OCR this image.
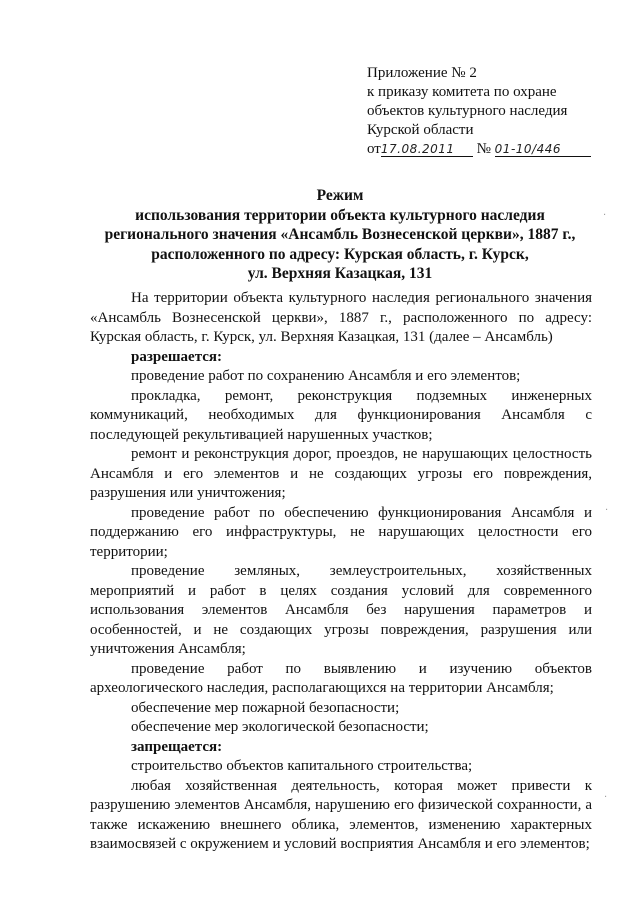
Приложение № 2
к приказу комитета по охране
объектов культурного наследия
Курской области
от17.08.2011 № 01-10/446
Режим
использования территории объекта культурного наследия
регионального значения «Ансамбль Вознесенской церкви», 1887 г.,
расположенного по адресу: Курская область, г. Курск,
ул. Верхняя Казацкая, 131

На территории объекта культурного наследия регионального значения «Ансамбль Вознесенской церкви», 1887 г., расположенного по адресу: Курская область, г. Курск, ул. Верхняя Казацкая, 131 (далее – Ансамбль)

разрешается:

проведение работ по сохранению Ансамбля и его элементов;

прокладка, ремонт, реконструкция подземных инженерных коммуникаций, необходимых для функционирования Ансамбля с последующей рекультивацией нарушенных участков;

ремонт и реконструкция дорог, проездов, не нарушающих целостность Ансамбля и его элементов и не создающих угрозы его повреждения, разрушения или уничтожения;

проведение работ по обеспечению функционирования Ансамбля и поддержанию его инфраструктуры, не нарушающих целостности его территории;

проведение земляных, землеустроительных, хозяйственных мероприятий и работ в целях создания условий для современного использования элементов Ансамбля без нарушения параметров и особенностей, и не создающих угрозы повреждения, разрушения или уничтожения Ансамбля;

проведение работ по выявлению и изучению объектов археологического наследия, располагающихся на территории Ансамбля;

обеспечение мер пожарной безопасности;

обеспечение мер экологической безопасности;

запрещается:

строительство объектов капитального строительства;

любая хозяйственная деятельность, которая может привести к разрушению элементов Ансамбля, нарушению его физической сохранности, а также искажению внешнего облика, элементов, изменению характерных взаимосвязей с окружением и условий восприятия Ансамбля и его элементов;

·
·
·
